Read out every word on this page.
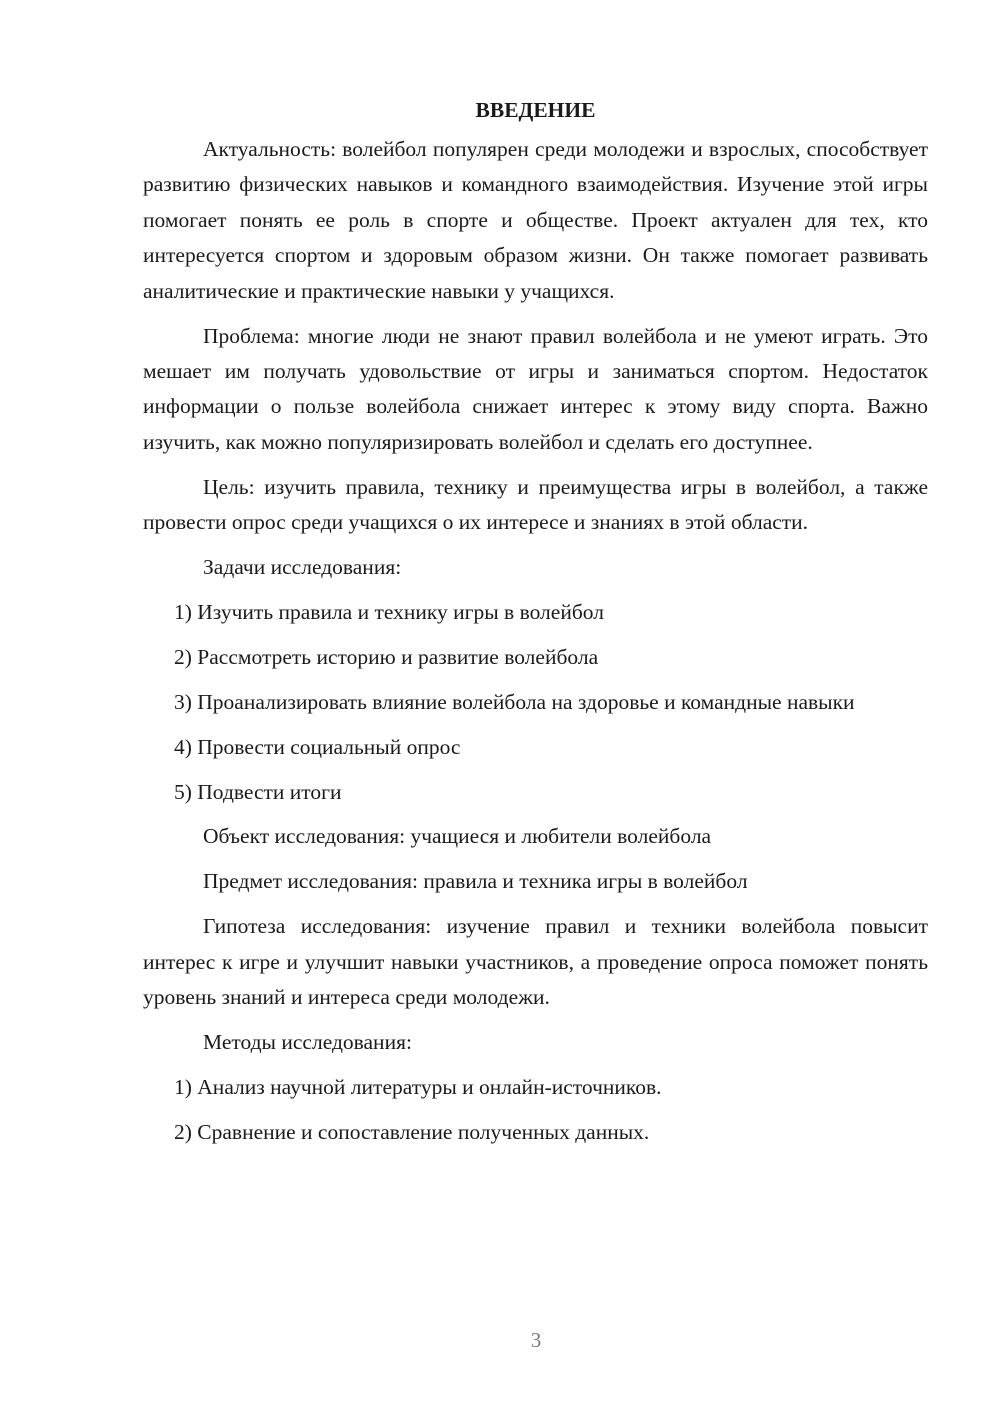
ВВЕДЕНИЕ

Актуальность: волейбол популярен среди молодежи и взрослых, способствует развитию физических навыков и командного взаимодействия. Изучение этой игры помогает понять ее роль в спорте и обществе. Проект актуален для тех, кто интересуется спортом и здоровым образом жизни. Он также помогает развивать аналитические и практические навыки у учащихся.

Проблема: многие люди не знают правил волейбола и не умеют играть. Это мешает им получать удовольствие от игры и заниматься спортом. Недостаток информации о пользе волейбола снижает интерес к этому виду спорта. Важно изучить, как можно популяризировать волейбол и сделать его доступнее.

Цель: изучить правила, технику и преимущества игры в волейбол, а также провести опрос среди учащихся о их интересе и знаниях в этой области.

Задачи исследования:

1) Изучить правила и технику игры в волейбол

2) Рассмотреть историю и развитие волейбола

3) Проанализировать влияние волейбола на здоровье и командные навыки

4) Провести социальный опрос

5) Подвести итоги

Объект исследования: учащиеся и любители волейбола

Предмет исследования: правила и техника игры в волейбол

Гипотеза исследования: изучение правил и техники волейбола повысит интерес к игре и улучшит навыки участников, а проведение опроса поможет понять уровень знаний и интереса среди молодежи.

Методы исследования:

1) Анализ научной литературы и онлайн-источников.

2) Сравнение и сопоставление полученных данных.

3
